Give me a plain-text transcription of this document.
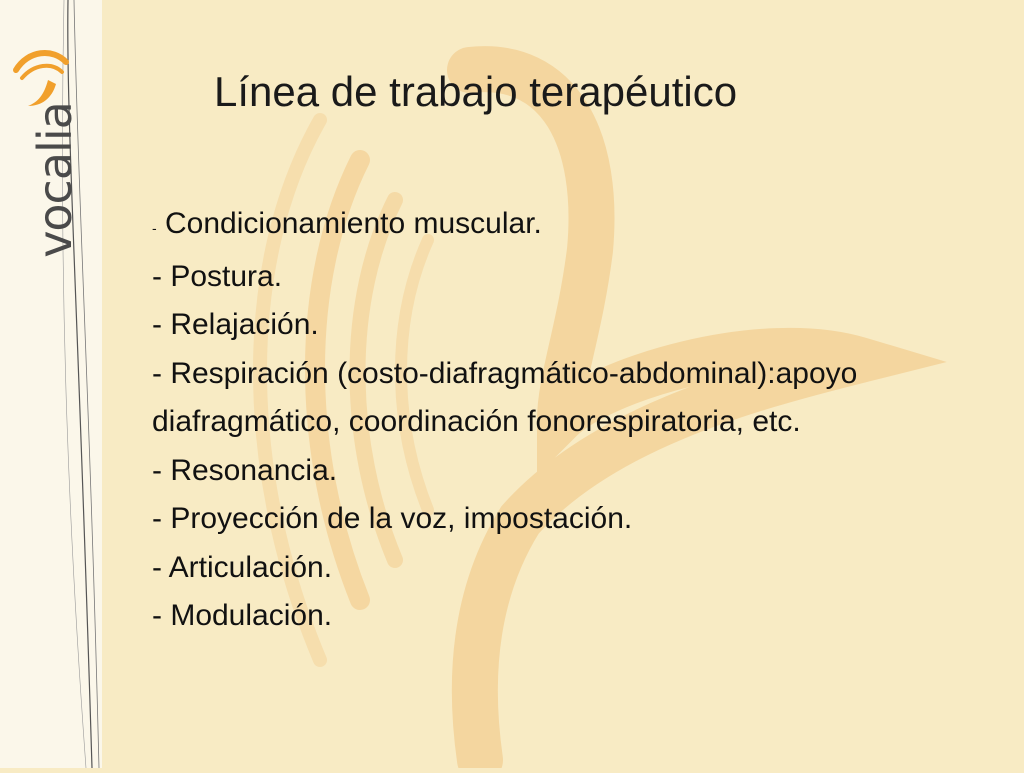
vocalia
Línea de trabajo terapéutico

- Condicionamiento muscular.

- Postura.

- Relajación.

- Respiración (costo-diafragmático-abdominal):apoyo diafragmático, coordinación fonorespiratoria, etc.

- Resonancia.

- Proyección de la voz, impostación.

- Articulación.

- Modulación.
